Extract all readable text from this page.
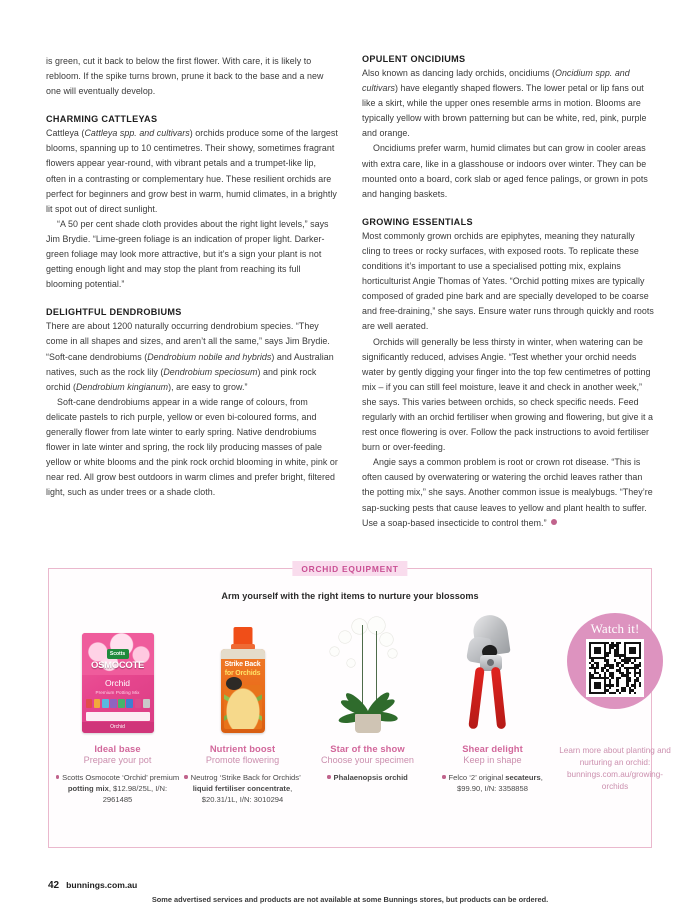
is green, cut it back to below the first flower. With care, it is likely to rebloom. If the spike turns brown, prune it back to the base and a new one will eventually develop.

CHARMING CATTLEYAS

Cattleya (Cattleya spp. and cultivars) orchids produce some of the largest blooms, spanning up to 10 centimetres. Their showy, sometimes fragrant flowers appear year-round, with vibrant petals and a trumpet-like lip, often in a contrasting or complementary hue. These resilient orchids are perfect for beginners and grow best in warm, humid climates, in a brightly lit spot out of direct sunlight.

“A 50 per cent shade cloth provides about the right light levels,” says Jim Brydie. “Lime-green foliage is an indication of proper light. Darker-green foliage may look more attractive, but it’s a sign your plant is not getting enough light and may stop the plant from reaching its full blooming potential.”

DELIGHTFUL DENDROBIUMS

There are about 1200 naturally occurring dendrobium species. “They come in all shapes and sizes, and aren’t all the same,” says Jim Brydie. “Soft-cane dendrobiums (Dendrobium nobile and hybrids) and Australian natives, such as the rock lily (Dendrobium speciosum) and pink rock orchid (Dendrobium kingianum), are easy to grow.”

Soft-cane dendrobiums appear in a wide range of colours, from delicate pastels to rich purple, yellow or even bi-coloured forms, and generally flower from late winter to early spring. Native dendrobiums flower in late winter and spring, the rock lily producing masses of pale yellow or white blooms and the pink rock orchid blooming in white, pink or near red. All grow best outdoors in warm climes and prefer bright, filtered light, such as under trees or a shade cloth.

OPULENT ONCIDIUMS

Also known as dancing lady orchids, oncidiums (Oncidium spp. and cultivars) have elegantly shaped flowers. The lower petal or lip fans out like a skirt, while the upper ones resemble arms in motion. Blooms are typically yellow with brown patterning but can be white, red, pink, purple and orange.

Oncidiums prefer warm, humid climates but can grow in cooler areas with extra care, like in a glasshouse or indoors over winter. They can be mounted onto a board, cork slab or aged fence palings, or grown in pots and hanging baskets.

GROWING ESSENTIALS

Most commonly grown orchids are epiphytes, meaning they naturally cling to trees or rocky surfaces, with exposed roots. To replicate these conditions it’s important to use a specialised potting mix, explains horticulturist Angie Thomas of Yates. “Orchid potting mixes are typically composed of graded pine bark and are specially developed to be coarse and free-draining,” she says. Ensure water runs through quickly and roots are well aerated.

Orchids will generally be less thirsty in winter, when watering can be significantly reduced, advises Angie. “Test whether your orchid needs water by gently digging your finger into the top few centimetres of potting mix – if you can still feel moisture, leave it and check in another week,” she says. This varies between orchids, so check specific needs. Feed regularly with an orchid fertiliser when growing and flowering, but give it a rest once flowering is over. Follow the pack instructions to avoid fertiliser burn or over-feeding.

Angie says a common problem is root or crown rot disease. “This is often caused by overwatering or watering the orchid leaves rather than the potting mix,” she says. Another common issue is mealybugs. “They’re sap-sucking pests that cause leaves to yellow and plant health to suffer. Use a soap-based insecticide to control them.”

ORCHID EQUIPMENT
Arm yourself with the right items to nurture your blossoms
Scotts
OSMOCOTE
Orchid
Premium Potting Mix
Orchid
Ideal base
Prepare your pot
Scotts Osmocote ‘Orchid’ premium potting mix, $12.98/25L, I/N: 2961485
Strike Back
for Orchids
Nutrient boost
Promote flowering
Neutrog ‘Strike Back for Orchids’ liquid fertiliser concentrate, $20.31/1L, I/N: 3010294
Star of the show
Choose your specimen
Phalaenopsis orchid
Shear delight
Keep in shape
Felco ‘2’ original secateurs, $99.90, I/N: 3358858
Watch it!
Learn more about planting and nurturing an orchid: bunnings.com.au/growing-orchids
Some advertised services and products are not available at some Bunnings stores, but products can be ordered.
42 bunnings.com.au
